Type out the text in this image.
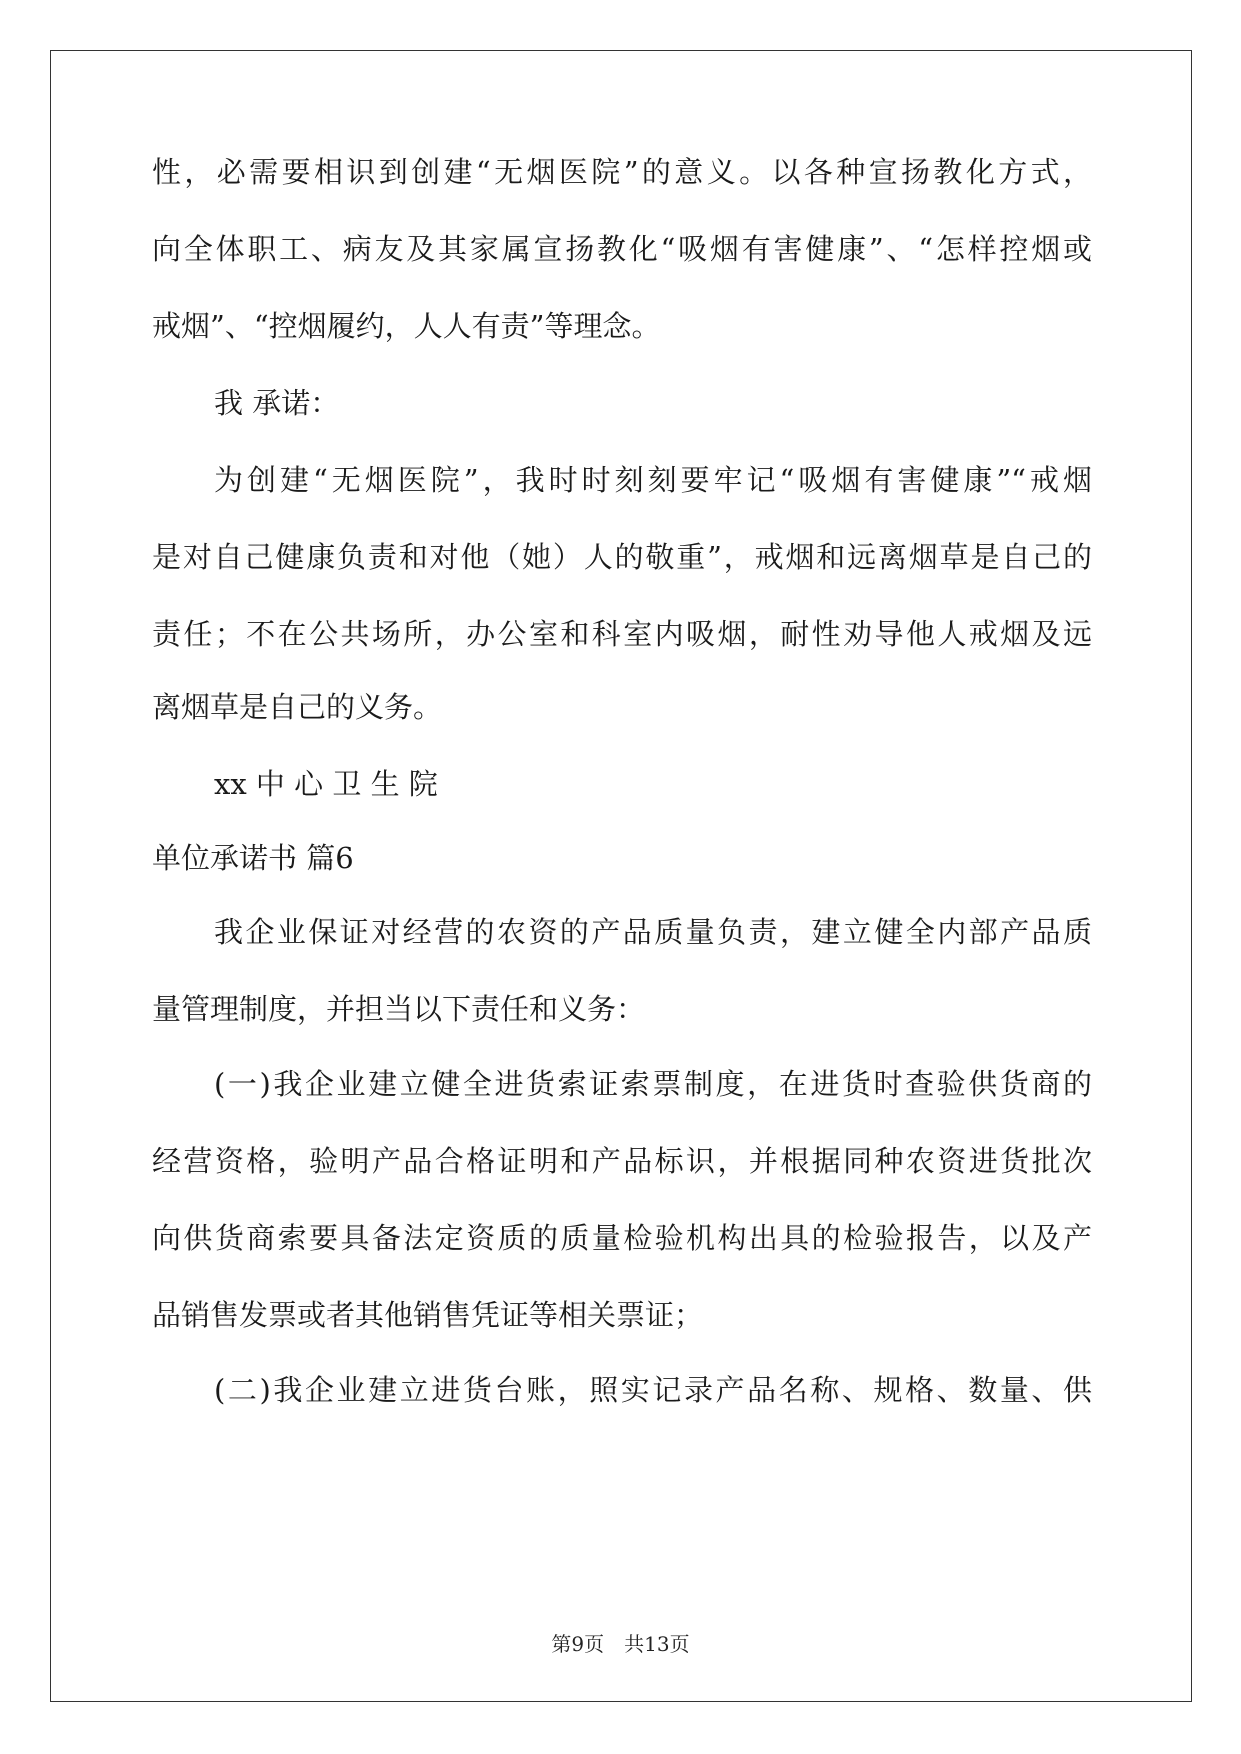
性，必需要相识到创建“无烟医院”的意义。以各种宣扬教化方式，
向全体职工、病友及其家属宣扬教化“吸烟有害健康”、“怎样控烟或
戒烟”、“控烟履约，人人有责”等理念。
我 承诺：
为创建“无烟医院”，我时时刻刻要牢记“吸烟有害健康”“戒烟
是对自己健康负责和对他（她）人的敬重”，戒烟和远离烟草是自己的
责任；不在公共场所，办公室和科室内吸烟，耐性劝导他人戒烟及远
离烟草是自己的义务。
xx 中 心 卫 生 院
单位承诺书 篇6
我企业保证对经营的农资的产品质量负责，建立健全内部产品质
量管理制度，并担当以下责任和义务：
(一)我企业建立健全进货索证索票制度，在进货时查验供货商的
经营资格，验明产品合格证明和产品标识，并根据同种农资进货批次
向供货商索要具备法定资质的质量检验机构出具的检验报告，以及产
品销售发票或者其他销售凭证等相关票证；
(二)我企业建立进货台账，照实记录产品名称、规格、数量、供
第9页　共13页
